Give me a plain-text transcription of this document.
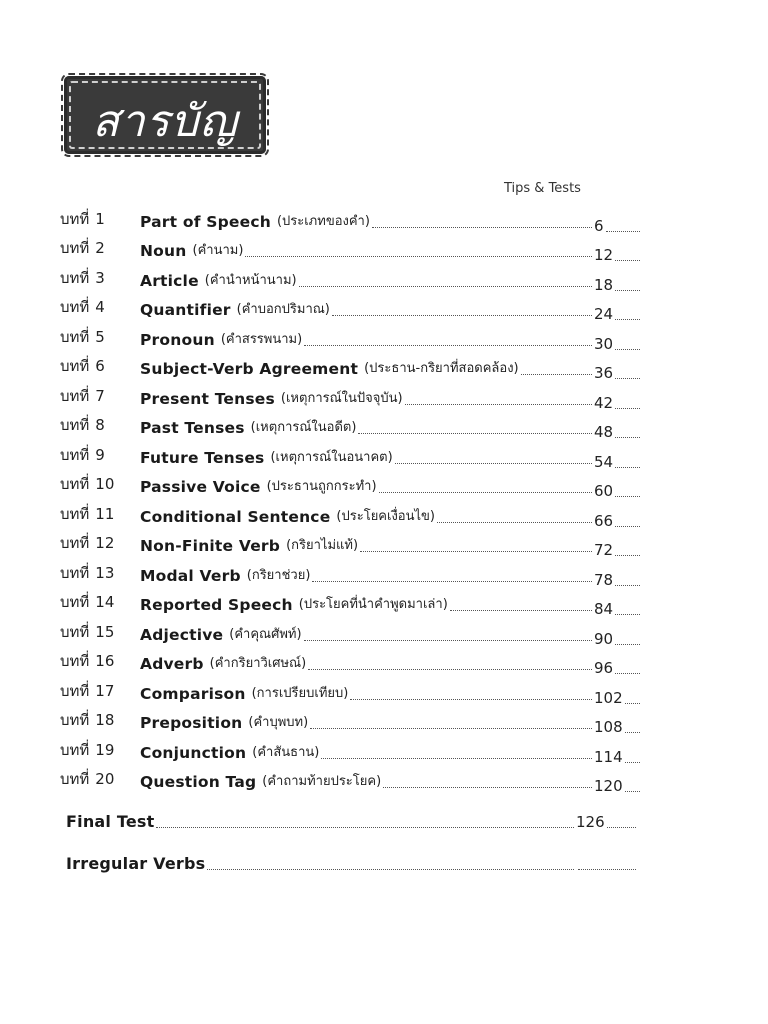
สารบัญ
Tips & Tests
บทที่ 1	Part of Speech (ประเภทของคำ)	6
บทที่ 2	Noun (คำนาม)	12
บทที่ 3	Article (คำนำหน้านาม)	18
บทที่ 4	Quantifier (คำบอกปริมาณ)	24
บทที่ 5	Pronoun (คำสรรพนาม)	30
บทที่ 6	Subject-Verb Agreement (ประธาน-กริยาที่สอดคล้อง)	36
บทที่ 7	Present Tenses (เหตุการณ์ในปัจจุบัน)	42
บทที่ 8	Past Tenses (เหตุการณ์ในอดีต)	48
บทที่ 9	Future Tenses (เหตุการณ์ในอนาคต)	54
บทที่ 10	Passive Voice (ประธานถูกกระทำ)	60
บทที่ 11	Conditional Sentence (ประโยคเงื่อนไข)	66
บทที่ 12	Non-Finite Verb (กริยาไม่แท้)	72
บทที่ 13	Modal Verb (กริยาช่วย)	78
บทที่ 14	Reported Speech (ประโยคที่นำคำพูดมาเล่า)	84
บทที่ 15	Adjective (คำคุณศัพท์)	90
บทที่ 16	Adverb (คำกริยาวิเศษณ์)	96
บทที่ 17	Comparison (การเปรียบเทียบ)	102
บทที่ 18	Preposition (คำบุพบท)	108
บทที่ 19	Conjunction (คำสันธาน)	114
บทที่ 20	Question Tag (คำถามท้ายประโยค)	120
Final Test	126
Irregular Verbs
